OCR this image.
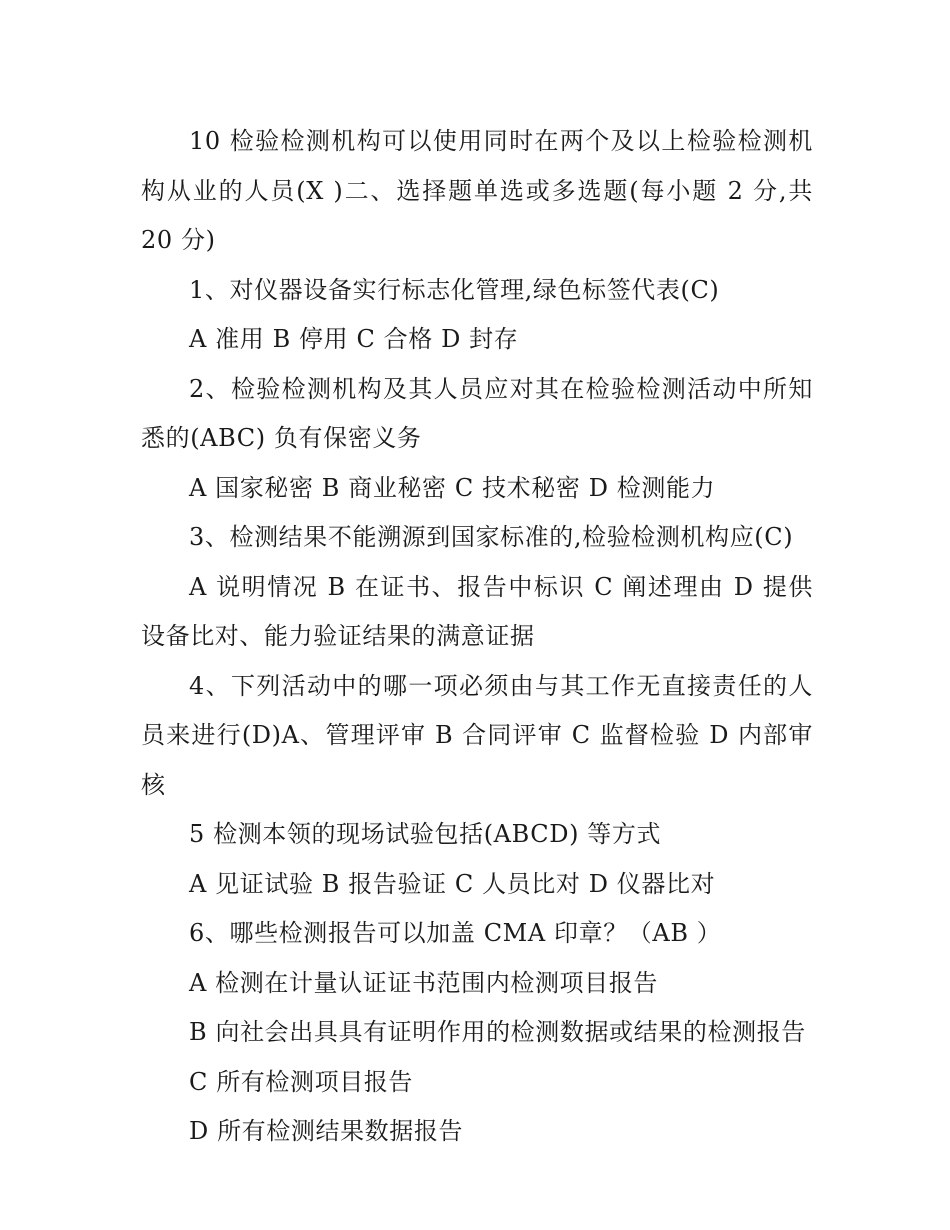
10 检验检测机构可以使用同时在两个及以上检验检测机构从业的人员(X )二、选择题单选或多选题(每小题 2 分,共 20 分)

1、对仪器设备实行标志化管理,绿色标签代表(C)

A 准用 B 停用 C 合格 D 封存

2、检验检测机构及其人员应对其在检验检测活动中所知悉的(ABC) 负有保密义务

A 国家秘密 B 商业秘密 C 技术秘密 D 检测能力

3、检测结果不能溯源到国家标准的,检验检测机构应(C)

A 说明情况 B 在证书、报告中标识 C 阐述理由 D 提供设备比对、能力验证结果的满意证据

4、下列活动中的哪一项必须由与其工作无直接责任的人员来进行(D)A、管理评审 B 合同评审 C 监督检验 D 内部审核

5 检测本领的现场试验包括(ABCD) 等方式

A 见证试验 B 报告验证 C 人员比对 D 仪器比对

6、哪些检测报告可以加盖 CMA 印章？（AB ）

A 检测在计量认证证书范围内检测项目报告

B 向社会出具具有证明作用的检测数据或结果的检测报告

C 所有检测项目报告

D 所有检测结果数据报告
